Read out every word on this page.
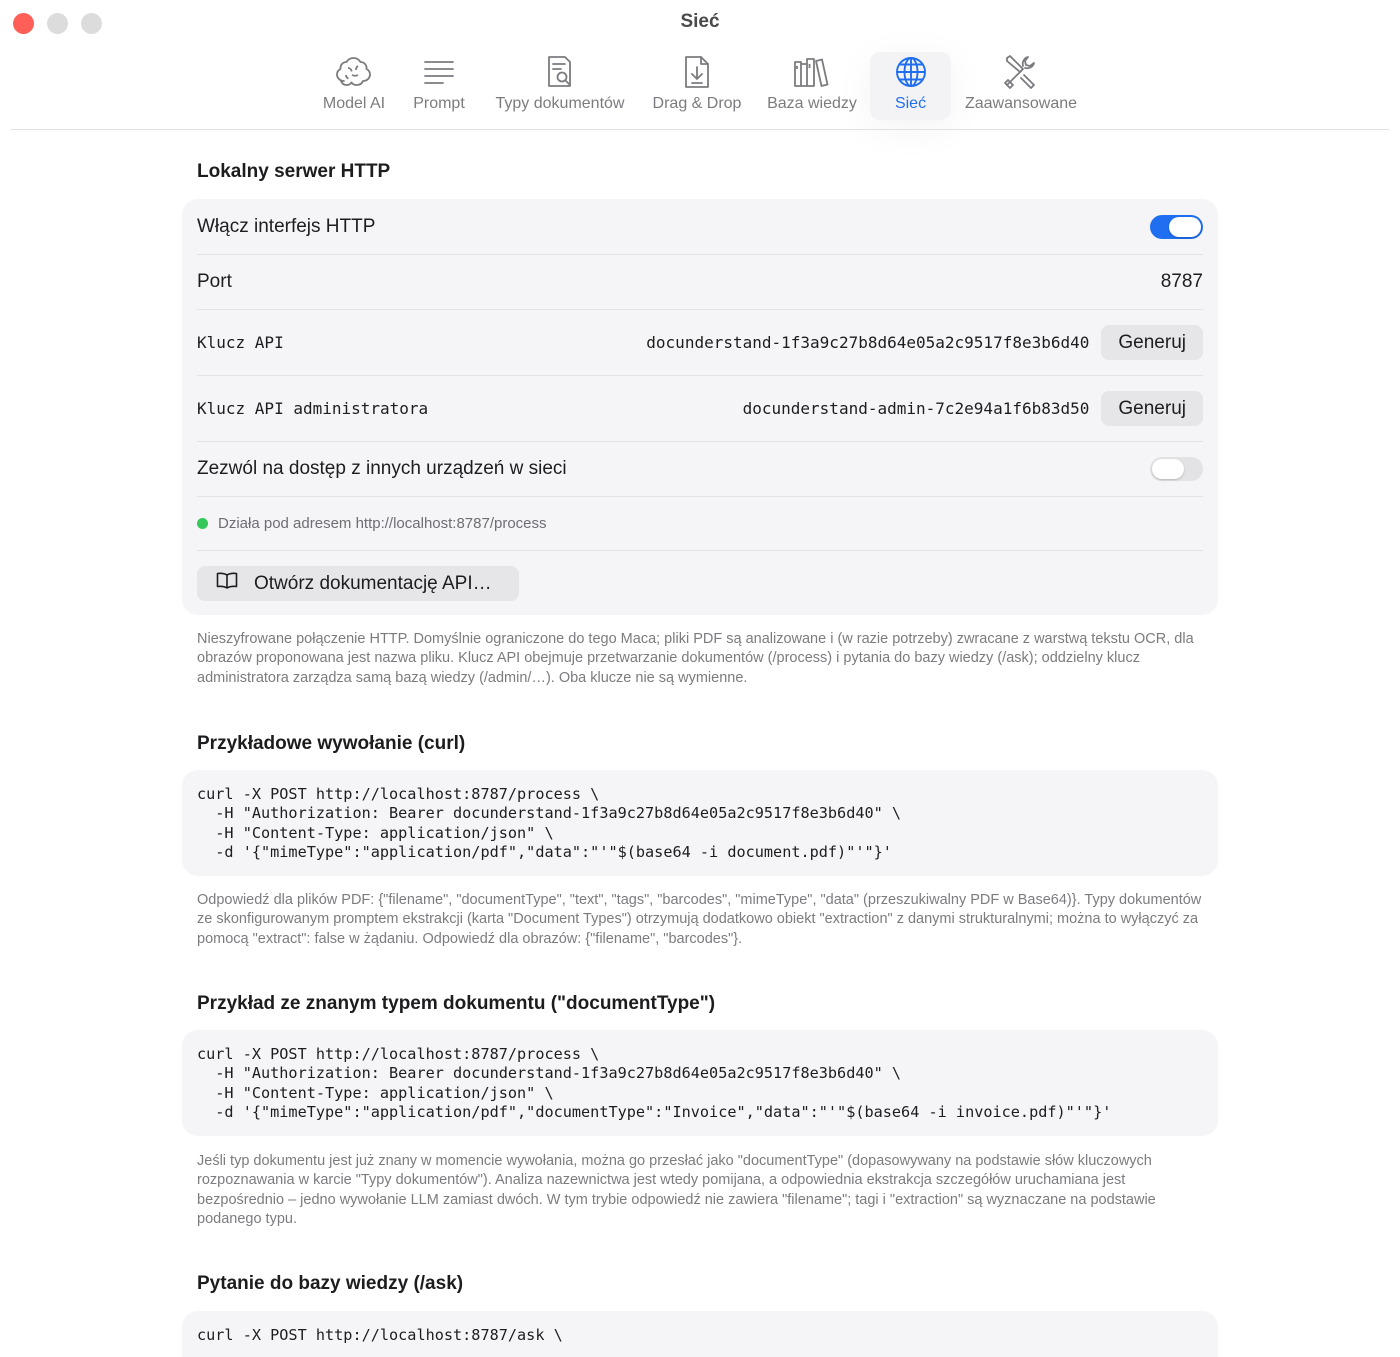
Sieć
Model AI Prompt Typy dokumentów Drag & Drop Baza wiedzy Sieć Zaawansowane
Lokalny serwer HTTP
Włącz interfejs HTTP
Port	8787
Klucz API	docunderstand-1f3a9c27b8d64e05a2c9517f8e3b6d40	Generuj
Klucz API administratora	docunderstand-admin-7c2e94a1f6b83d50	Generuj
Zezwól na dostęp z innych urządzeń w sieci
Działa pod adresem http://localhost:8787/process
Otwórz dokumentację API…
Nieszyfrowane połączenie HTTP. Domyślnie ograniczone do tego Maca; pliki PDF są analizowane i (w razie potrzeby) zwracane z warstwą tekstu OCR, dla obrazów proponowana jest nazwa pliku. Klucz API obejmuje przetwarzanie dokumentów (/process) i pytania do bazy wiedzy (/ask); oddzielny klucz administratora zarządza samą bazą wiedzy (/admin/…). Oba klucze nie są wymienne.
Przykładowe wywołanie (curl)
curl -X POST http://localhost:8787/process \
-H "Authorization: Bearer docunderstand-1f3a9c27b8d64e05a2c9517f8e3b6d40" \
-H "Content-Type: application/json" \
-d '{"mimeType":"application/pdf","data":"'"$(base64 -i document.pdf)"'"}'
Odpowiedź dla plików PDF: {"filename", "documentType", "text", "tags", "barcodes", "mimeType", "data" (przeszukiwalny PDF w Base64)}. Typy dokumentów ze skonfigurowanym promptem ekstrakcji (karta "Document Types") otrzymują dodatkowo obiekt "extraction" z danymi strukturalnymi; można to wyłączyć za pomocą "extract": false w żądaniu. Odpowiedź dla obrazów: {"filename", "barcodes"}.
Przykład ze znanym typem dokumentu ("documentType")
curl -X POST http://localhost:8787/process \
-H "Authorization: Bearer docunderstand-1f3a9c27b8d64e05a2c9517f8e3b6d40" \
-H "Content-Type: application/json" \
-d '{"mimeType":"application/pdf","documentType":"Invoice","data":"'"$(base64 -i invoice.pdf)"'"}'
Jeśli typ dokumentu jest już znany w momencie wywołania, można go przesłać jako "documentType" (dopasowywany na podstawie słów kluczowych rozpoznawania w karcie "Typy dokumentów"). Analiza nazewnictwa jest wtedy pomijana, a odpowiednia ekstrakcja szczegółów uruchamiana jest bezpośrednio – jedno wywołanie LLM zamiast dwóch. W tym trybie odpowiedź nie zawiera "filename"; tagi i "extraction" są wyznaczane na podstawie podanego typu.
Pytanie do bazy wiedzy (/ask)
curl -X POST http://localhost:8787/ask \
